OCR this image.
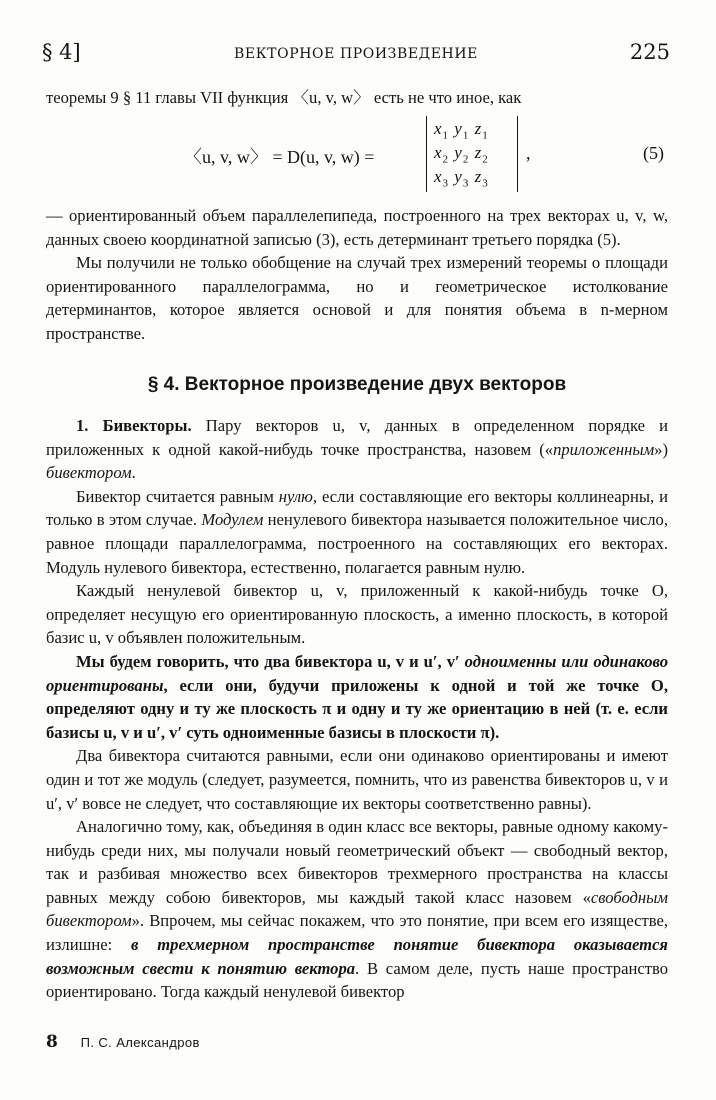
§ 4]	ВЕКТОРНОЕ ПРОИЗВЕДЕНИЕ	225

теоремы 9 § 11 главы VII функция 〈u, v, w〉 есть не что иное, как

〈u, v, w〉 = D(u, v, w) =
$x_1$ $y_1$ $z_1$
$x_2$ $y_2$ $z_2$
$x_3$ $y_3$ $z_3$
,	(5)

— ориентированный объем параллелепипеда, построенного на трех векторах u, v, w, данных своею координатной записью (3), есть детерминант третьего порядка (5).

Мы получили не только обобщение на случай трех измерений теоремы о площади ориентированного параллелограмма, но и геометрическое истолкование детерминантов, которое является основой и для понятия объема в n-мерном пространстве.

§ 4. Векторное произведение двух векторов

1. Бивекторы. Пару векторов u, v, данных в определенном порядке и приложенных к одной какой-нибудь точке пространства, назовем («приложенным») бивектором.

Бивектор считается равным нулю, если составляющие его векторы коллинеарны, и только в этом случае. Модулем ненулевого бивектора называется положительное число, равное площади параллелограмма, построенного на составляющих его векторах. Модуль нулевого бивектора, естественно, полагается равным нулю.

Каждый ненулевой бивектор u, v, приложенный к какой-нибудь точке O, определяет несущую его ориентированную плоскость, а именно плоскость, в которой базис u, v объявлен положительным.

Мы будем говорить, что два бивектора u, v и u′, v′ одноименны или одинаково ориентированы, если они, будучи приложены к одной и той же точке O, определяют одну и ту же плоскость π и одну и ту же ориентацию в ней (т. е. если базисы u, v и u′, v′ суть одноименные базисы в плоскости π).

Два бивектора считаются равными, если они одинаково ориентированы и имеют один и тот же модуль (следует, разумеется, помнить, что из равенства бивекторов u, v и u′, v′ вовсе не следует, что составляющие их векторы соответственно равны).

Аналогично тому, как, объединяя в один класс все векторы, равные одному какому-нибудь среди них, мы получали новый геометрический объект — свободный вектор, так и разбивая множество всех бивекторов трехмерного пространства на классы равных между собою бивекторов, мы каждый такой класс назовем «свободным бивектором». Впрочем, мы сейчас покажем, что это понятие, при всем его изяществе, излишне: в трехмерном пространстве понятие бивектора оказывается возможным свести к понятию вектора. В самом деле, пусть наше пространство ориентировано. Тогда каждый ненулевой бивектор

8 П. С. Александров
